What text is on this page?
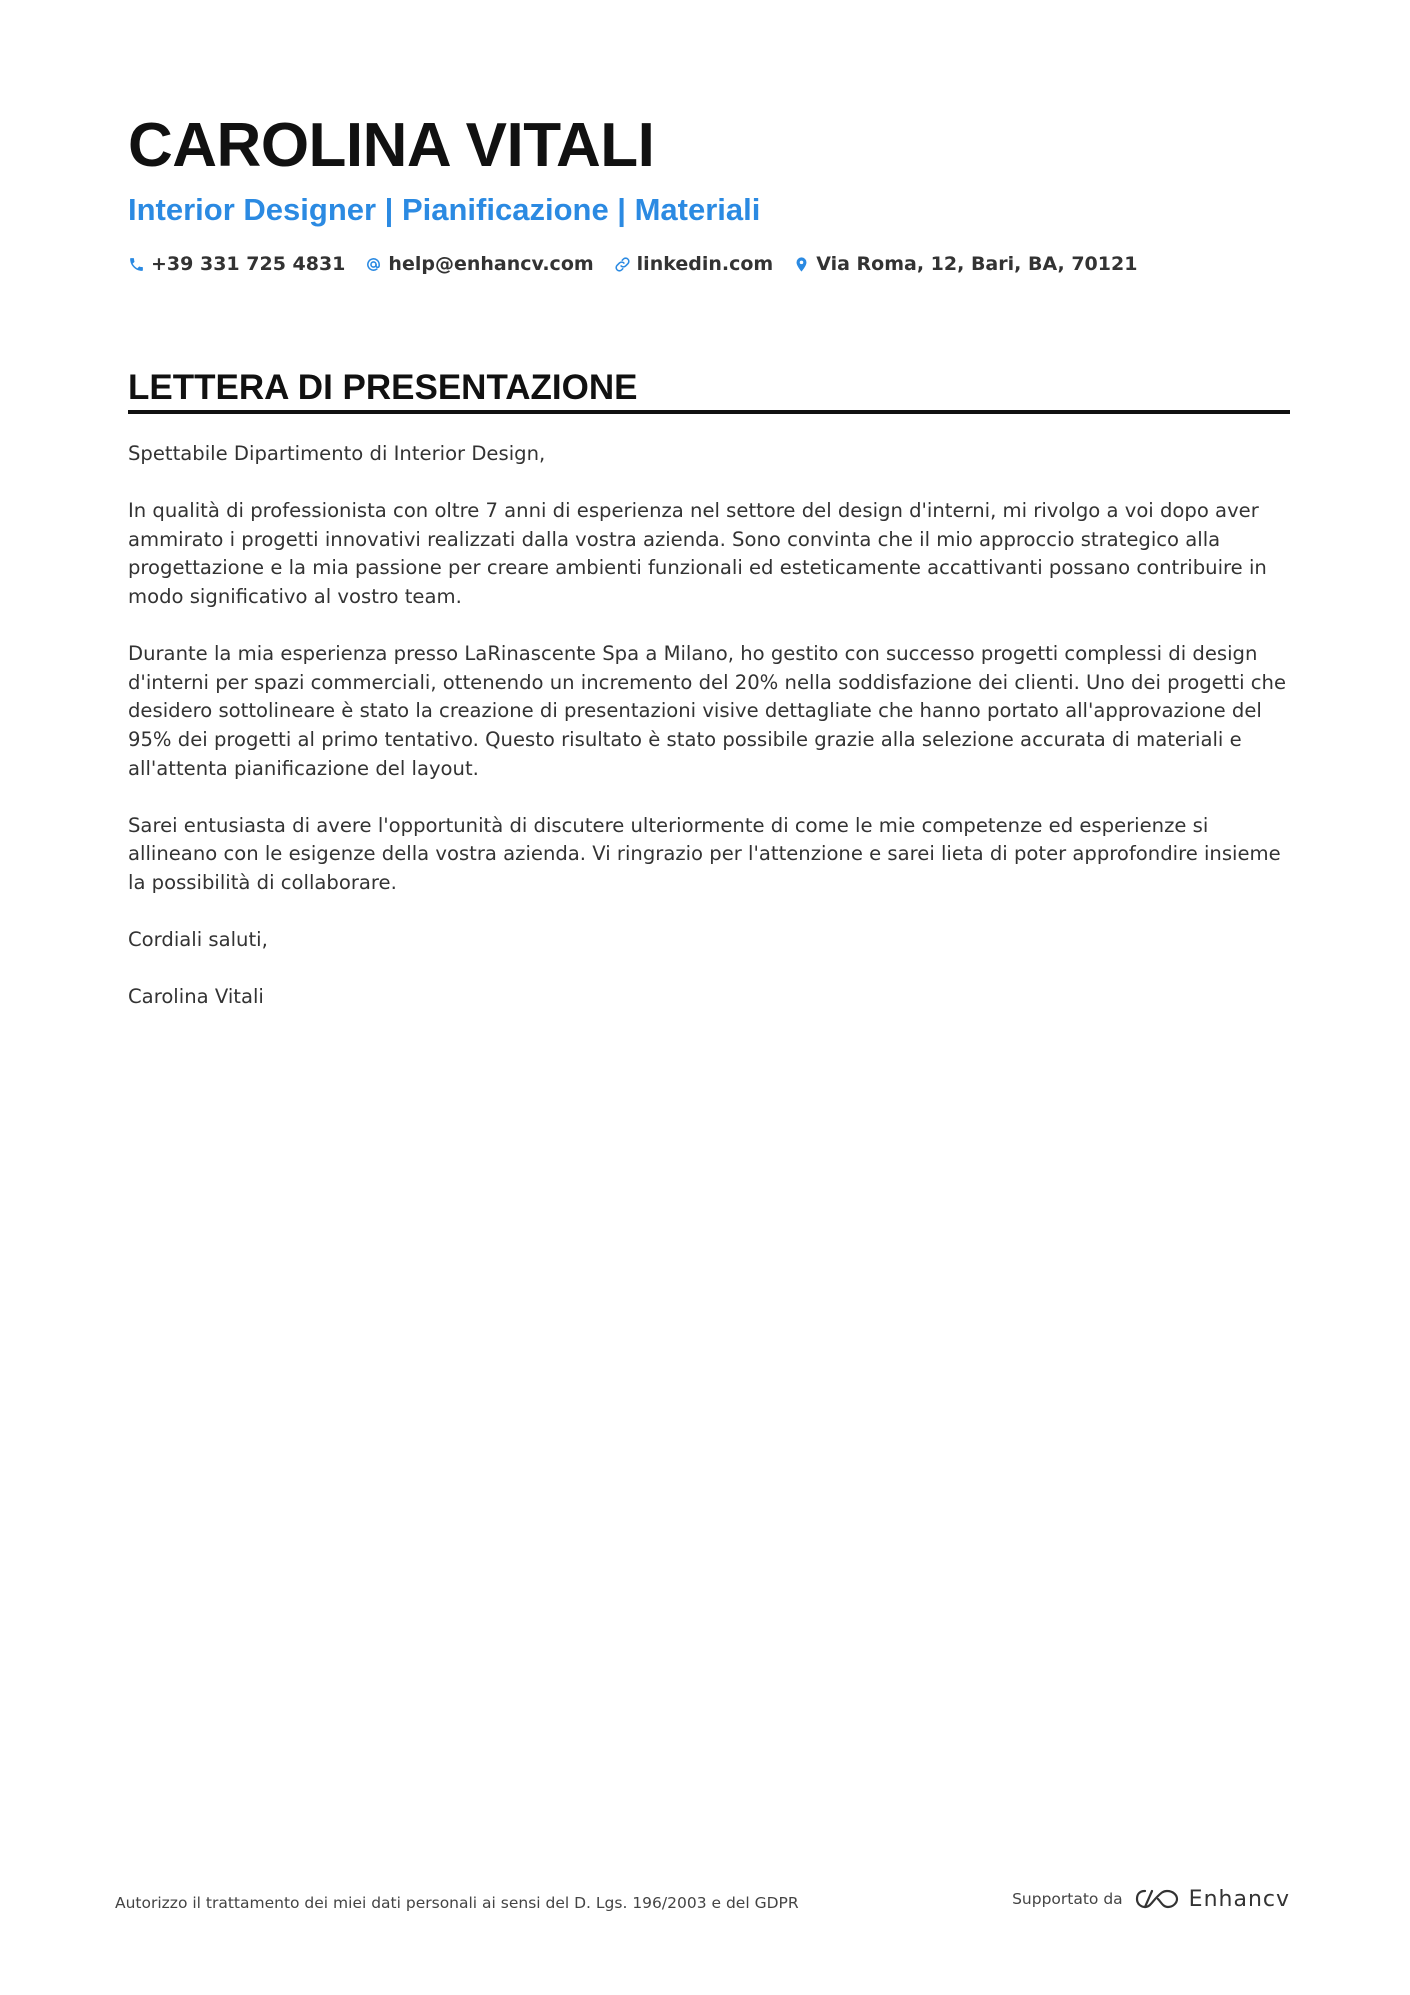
CAROLINA VITALI
Interior Designer | Pianificazione | Materiali
+39 331 725 4831 help@enhancv.com linkedin.com Via Roma, 12, Bari, BA, 70121
LETTERA DI PRESENTAZIONE

Spettabile Dipartimento di Interior Design,

In qualità di professionista con oltre 7 anni di esperienza nel settore del design d'interni, mi rivolgo a voi dopo aver ammirato i progetti innovativi realizzati dalla vostra azienda. Sono convinta che il mio approccio strategico alla progettazione e la mia passione per creare ambienti funzionali ed esteticamente accattivanti possano contribuire in modo significativo al vostro team.

Durante la mia esperienza presso LaRinascente Spa a Milano, ho gestito con successo progetti complessi di design d'interni per spazi commerciali, ottenendo un incremento del 20% nella soddisfazione dei clienti. Uno dei progetti che desidero sottolineare è stato la creazione di presentazioni visive dettagliate che hanno portato all'approvazione del 95% dei progetti al primo tentativo. Questo risultato è stato possibile grazie alla selezione accurata di materiali e all'attenta pianificazione del layout.

Sarei entusiasta di avere l'opportunità di discutere ulteriormente di come le mie competenze ed esperienze si allineano con le esigenze della vostra azienda. Vi ringrazio per l'attenzione e sarei lieta di poter approfondire insieme la possibilità di collaborare.

Cordiali saluti,

Carolina Vitali

Autorizzo il trattamento dei miei dati personali ai sensi del D. Lgs. 196/2003 e del GDPR	Supportato da	Enhancv
